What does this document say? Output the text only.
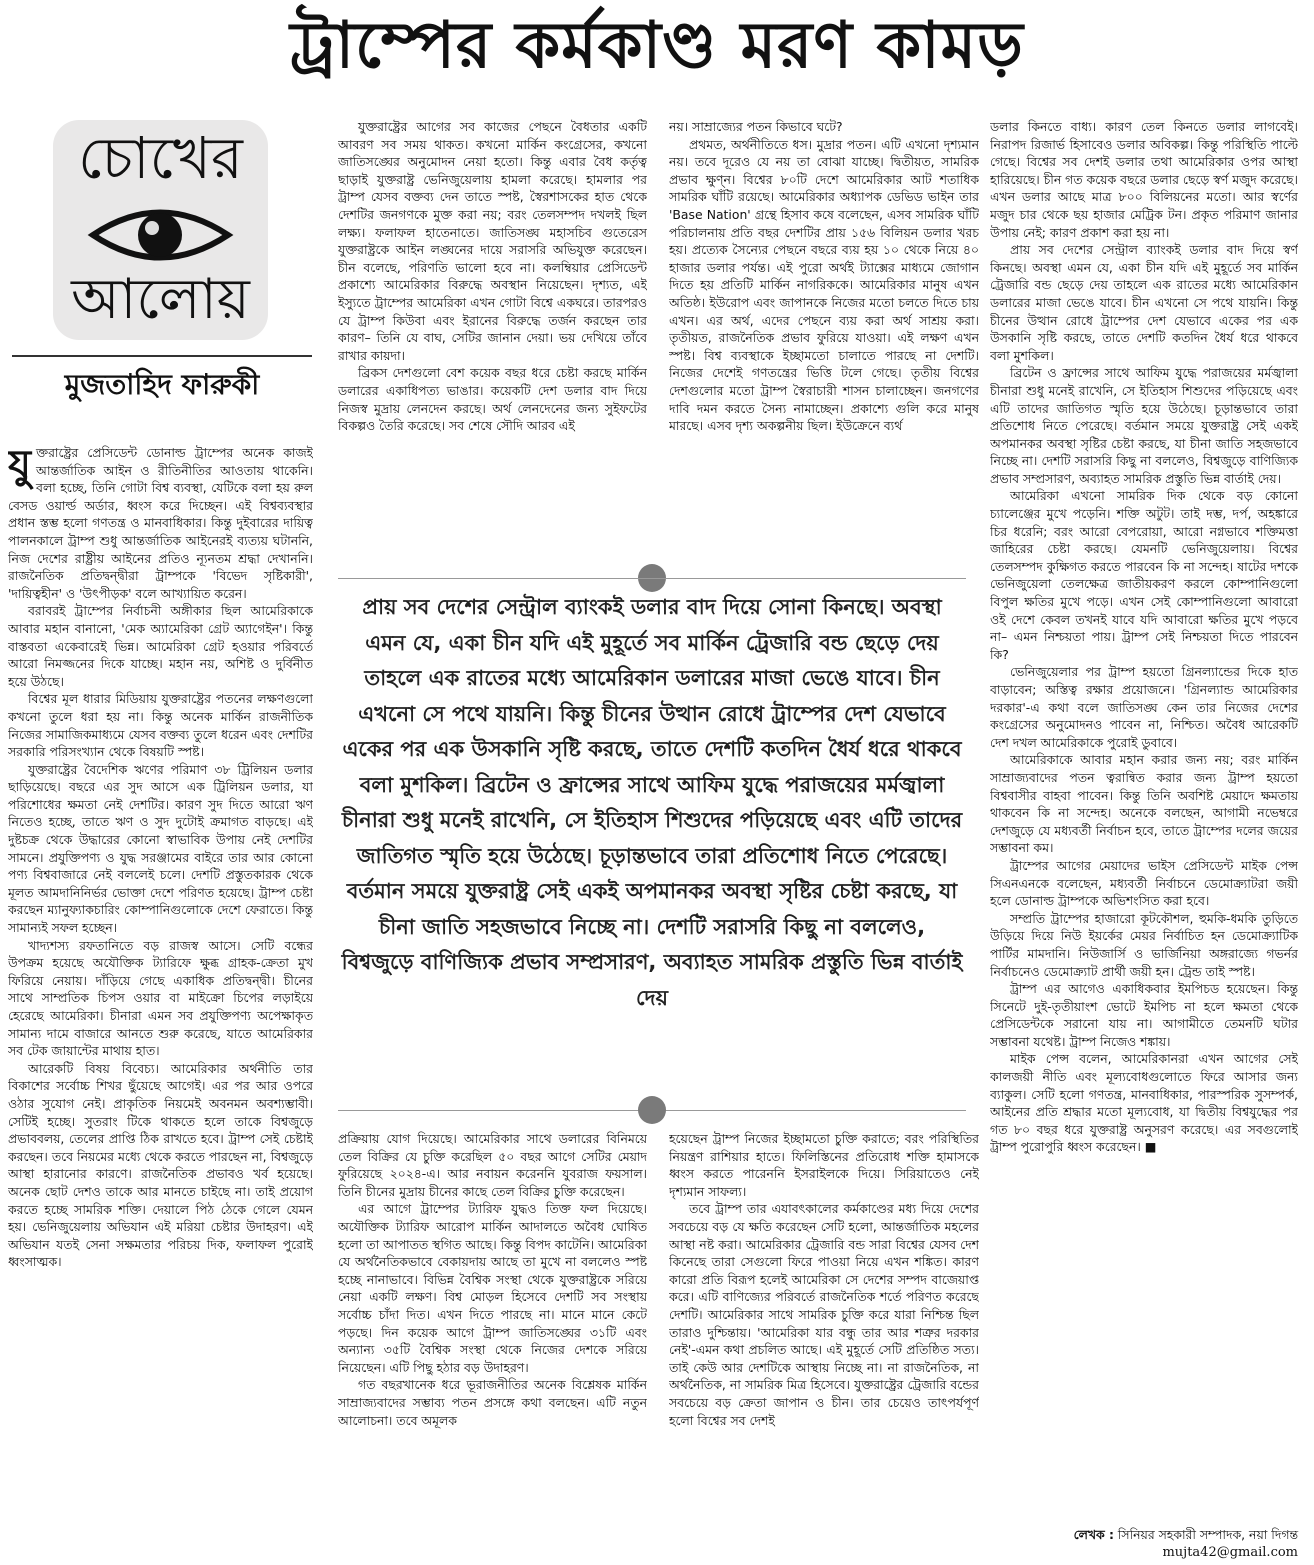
ট্রাম্পের কর্মকাণ্ড মরণ কামড়
চোখের
আলোয়
মুজতাহিদ ফারুকী

যুক্তরাষ্ট্রের প্রেসিডেন্ট ডোনাল্ড ট্রাম্পের অনেক কাজই আন্তর্জাতিক আইন ও রীতিনীতির আওতায় থাকেনি। বলা হচ্ছে, তিনি গোটা বিশ্ব ব্যবস্থা, যেটিকে বলা হয় রুল বেসড ওয়ার্ল্ড অর্ডার, ধ্বংস করে দিচ্ছেন। এই বিশ্বব্যবস্থার প্রধান স্তম্ভ হলো গণতন্ত্র ও মানবাধিকার। কিন্তু দুইবারের দায়িত্ব পালনকালে ট্রাম্প শুধু আন্তর্জাতিক আইনেরই ব্যত্যয় ঘটাননি, নিজ দেশের রাষ্ট্রীয় আইনের প্রতিও ন্যূনতম শ্রদ্ধা দেখাননি। রাজনৈতিক প্রতিদ্বন্দ্বীরা ট্রাম্পকে 'বিভেদ সৃষ্টিকারী', 'দায়িত্বহীন' ও 'উৎপীড়ক' বলে আখ্যায়িত করেন।

বরাবরই ট্রাম্পের নির্বাচনী অঙ্গীকার ছিল আমেরিকাকে আবার মহান বানানো, 'মেক অ্যামেরিকা গ্রেট অ্যাগেইন'। কিন্তু বাস্তবতা একেবারেই ভিন্ন। আমেরিকা গ্রেট হওয়ার পরিবর্তে আরো নিমজ্জনের দিকে যাচ্ছে। মহান নয়, অশিষ্ট ও দুর্বিনীত হয়ে উঠছে।

বিশ্বের মূল ধারার মিডিয়ায় যুক্তরাষ্ট্রের পতনের লক্ষণগুলো কখনো তুলে ধরা হয় না। কিন্তু অনেক মার্কিন রাজনীতিক নিজের সামাজিকমাধ্যমে যেসব বক্তব্য তুলে ধরেন এবং দেশটির সরকারি পরিসংখ্যান থেকে বিষয়টি স্পষ্ট।

যুক্তরাষ্ট্রের বৈদেশিক ঋণের পরিমাণ ৩৮ ট্রিলিয়ন ডলার ছাড়িয়েছে। বছরে এর সুদ আসে এক ট্রিলিয়ন ডলার, যা পরিশোধের ক্ষমতা নেই দেশটির। কারণ সুদ দিতে আরো ঋণ নিতেও হচ্ছে, তাতে ঋণ ও সুদ দুটোই ক্রমাগত বাড়ছে। এই দুষ্টচক্র থেকে উদ্ধারের কোনো স্বাভাবিক উপায় নেই দেশটির সামনে। প্রযুক্তিপণ্য ও যুদ্ধ সরঞ্জামের বাইরে তার আর কোনো পণ্য বিশ্ববাজারে নেই বললেই চলে। দেশটি প্রস্তুতকারক থেকে মূলত আমদানিনির্ভর ভোক্তা দেশে পরিণত হয়েছে। ট্রাম্প চেষ্টা করছেন ম্যানুফ্যাকচারিং কোম্পানিগুলোকে দেশে ফেরাতে। কিন্তু সামান্যই সফল হচ্ছেন।

খাদ্যশস্য রফতানিতে বড় রাজস্ব আসে। সেটি বন্ধের উপক্রম হয়েছে অযৌক্তিক ট্যারিফে ক্ষুব্ধ গ্রাহক-ক্রেতা মুখ ফিরিয়ে নেয়ায়। দাঁড়িয়ে গেছে একাধিক প্রতিদ্বন্দ্বী। চীনের সাথে সাম্প্রতিক চিপস ওয়ার বা মাইক্রো চিপের লড়াইয়ে হেরেছে আমেরিকা। চীনারা এমন সব প্রযুক্তিপণ্য অপেক্ষাকৃত সামান্য দামে বাজারে আনতে শুরু করেছে, যাতে আমেরিকার সব টেক জায়ান্টের মাথায় হাত।

আরেকটি বিষয় বিবেচ্য। আমেরিকার অর্থনীতি তার বিকাশের সর্বোচ্চ শিখর ছুঁয়েছে আগেই। এর পর আর ওপরে ওঠার সুযোগ নেই। প্রাকৃতিক নিয়মেই অবনমন অবশ্যম্ভাবী। সেটিই হচ্ছে। সুতরাং টিকে থাকতে হলে তাকে বিশ্বজুড়ে প্রভাববলয়, তেলের প্রাপ্তি ঠিক রাখতে হবে। ট্রাম্প সেই চেষ্টাই করছেন। তবে নিয়মের মধ্যে থেকে করতে পারছেন না, বিশ্বজুড়ে আস্থা হারানোর কারণে। রাজনৈতিক প্রভাবও খর্ব হয়েছে। অনেক ছোট দেশও তাকে আর মানতে চাইছে না। তাই প্রয়োগ করতে হচ্ছে সামরিক শক্তি। দেয়ালে পিঠ ঠেকে গেলে যেমন হয়। ভেনিজুয়েলায় অভিযান এই মরিয়া চেষ্টার উদাহরণ। এই অভিযান যতই সেনা সক্ষমতার পরিচয় দিক, ফলাফল পুরোই ধ্বংসাত্মক।

যুক্তরাষ্ট্রের আগের সব কাজের পেছনে বৈধতার একটি আবরণ সব সময় থাকত। কখনো মার্কিন কংগ্রেসের, কখনো জাতিসঙ্ঘের অনুমোদন নেয়া হতো। কিন্তু এবার বৈধ কর্তৃত্ব ছাড়াই যুক্তরাষ্ট্র ভেনিজুয়েলায় হামলা করেছে। হামলার পর ট্রাম্প যেসব বক্তব্য দেন তাতে স্পষ্ট, স্বৈরশাসকের হাত থেকে দেশটির জনগণকে মুক্ত করা নয়; বরং তেলসম্পদ দখলই ছিল লক্ষ্য। ফলাফল হাতেনাতে। জাতিসঙ্ঘ মহাসচিব গুতেরেস যুক্তরাষ্ট্রকে আইন লঙ্ঘনের দায়ে সরাসরি অভিযুক্ত করেছেন। চীন বলেছে, পরিণতি ভালো হবে না। কলম্বিয়ার প্রেসিডেন্ট প্রকাশ্যে আমেরিকার বিরুদ্ধে অবস্থান নিয়েছেন। দৃশ্যত, এই ইস্যুতে ট্রাম্পের আমেরিকা এখন গোটা বিশ্বে একঘরে। তারপরও যে ট্রাম্প কিউবা এবং ইরানের বিরুদ্ধে তর্জন করছেন তার কারণ– তিনি যে বাঘ, সেটির জানান দেয়া। ভয় দেখিয়ে তাঁবে রাখার কায়দা।

ব্রিকস দেশগুলো বেশ কয়েক বছর ধরে চেষ্টা করছে মার্কিন ডলারের একাধিপত্য ভাঙার। কয়েকটি দেশ ডলার বাদ দিয়ে নিজস্ব মুদ্রায় লেনদেন করছে। অর্থ লেনদেনের জন্য সুইফটের বিকল্পও তৈরি করেছে। সব শেষে সৌদি আরব এই

নয়। সাম্রাজ্যের পতন কিভাবে ঘটে?

প্রথমত, অর্থনীতিতে ধস। মুদ্রার পতন। এটি এখনো দৃশ্যমান নয়। তবে দূরেও যে নয় তা বোঝা যাচ্ছে। দ্বিতীয়ত, সামরিক প্রভাব ক্ষুণ্ন। বিশ্বের ৮০টি দেশে আমেরিকার আট শতাধিক সামরিক ঘাঁটি রয়েছে। আমেরিকার অধ্যাপক ডেভিড ভাইন তার 'Base Nation' গ্রন্থে হিসাব কষে বলেছেন, এসব সামরিক ঘাঁটি পরিচালনায় প্রতি বছর দেশটির প্রায় ১৫৬ বিলিয়ন ডলার খরচ হয়। প্রত্যেক সৈন্যের পেছনে বছরে ব্যয় হয় ১০ থেকে নিয়ে ৪০ হাজার ডলার পর্যন্ত। এই পুরো অর্থই ট্যাক্সের মাধ্যমে জোগান দিতে হয় প্রতিটি মার্কিন নাগরিককে। আমেরিকার মানুষ এখন অতিষ্ঠ। ইউরোপ এবং জাপানকে নিজের মতো চলতে দিতে চায় এখন। এর অর্থ, এদের পেছনে ব্যয় করা অর্থ সাশ্রয় করা। তৃতীয়ত, রাজনৈতিক প্রভাব ফুরিয়ে যাওয়া। এই লক্ষণ এখন স্পষ্ট। বিশ্ব ব্যবস্থাকে ইচ্ছামতো চালাতে পারছে না দেশটি। নিজের দেশেই গণতন্ত্রের ভিত্তি টলে গেছে। তৃতীয় বিশ্বের দেশগুলোর মতো ট্রাম্প স্বৈরাচারী শাসন চালাচ্ছেন। জনগণের দাবি দমন করতে সৈন্য নামাচ্ছেন। প্রকাশ্যে গুলি করে মানুষ মারছে। এসব দৃশ্য অকল্পনীয় ছিল। ইউক্রেনে ব্যর্থ

প্রায় সব দেশের সেন্ট্রাল ব্যাংকই ডলার বাদ দিয়ে সোনা কিনছে। অবস্থা এমন যে, একা চীন যদি এই মুহূর্তে সব মার্কিন ট্রেজারি বন্ড ছেড়ে দেয় তাহলে এক রাতের মধ্যে আমেরিকান ডলারের মাজা ভেঙে যাবে। চীন এখনো সে পথে যায়নি। কিন্তু চীনের উত্থান রোধে ট্রাম্পের দেশ যেভাবে একের পর এক উসকানি সৃষ্টি করছে, তাতে দেশটি কতদিন ধৈর্য ধরে থাকবে বলা মুশকিল। ব্রিটেন ও ফ্রান্সের সাথে আফিম যুদ্ধে পরাজয়ের মর্মজ্বালা চীনারা শুধু মনেই রাখেনি, সে ইতিহাস শিশুদের পড়িয়েছে এবং এটি তাদের জাতিগত স্মৃতি হয়ে উঠেছে। চূড়ান্তভাবে তারা প্রতিশোধ নিতে পেরেছে। বর্তমান সময়ে যুক্তরাষ্ট্র সেই একই অপমানকর অবস্থা সৃষ্টির চেষ্টা করছে, যা চীনা জাতি সহজভাবে নিচ্ছে না। দেশটি সরাসরি কিছু না বললেও, বিশ্বজুড়ে বাণিজ্যিক প্রভাব সম্প্রসারণ, অব্যাহত সামরিক প্রস্তুতি ভিন্ন বার্তাই দেয়

প্রক্রিয়ায় যোগ দিয়েছে। আমেরিকার সাথে ডলারের বিনিময়ে তেল বিক্রির যে চুক্তি করেছিল ৫০ বছর আগে সেটির মেয়াদ ফুরিয়েছে ২০২৪-এ। আর নবায়ন করেননি যুবরাজ ফয়সাল। তিনি চীনের মুদ্রায় চীনের কাছে তেল বিক্রির চুক্তি করেছেন।

এর আগে ট্রাম্পের ট্যারিফ যুদ্ধও তিক্ত ফল দিয়েছে। অযৌক্তিক ট্যারিফ আরোপ মার্কিন আদালতে অবৈধ ঘোষিত হলো তা আপাতত স্থগিত আছে। কিন্তু বিপদ কাটেনি। আমেরিকা যে অর্থনৈতিকভাবে বেকায়দায় আছে তা মুখে না বললেও স্পষ্ট হচ্ছে নানাভাবে। বিভিন্ন বৈশ্বিক সংস্থা থেকে যুক্তরাষ্ট্রকে সরিয়ে নেয়া একটি লক্ষণ। বিশ্ব মোড়ল হিসেবে দেশটি সব সংস্থায় সর্বোচ্চ চাঁদা দিত। এখন দিতে পারছে না। মানে মানে কেটে পড়ছে। দিন কয়েক আগে ট্রাম্প জাতিসঙ্ঘের ৩১টি এবং অন্যান্য ৩৫টি বৈশ্বিক সংস্থা থেকে নিজের দেশকে সরিয়ে নিয়েছেন। এটি পিছু হঠার বড় উদাহরণ।

গত বছরখানেক ধরে ভূরাজনীতির অনেক বিশ্লেষক মার্কিন সাম্রাজ্যবাদের সম্ভাব্য পতন প্রসঙ্গে কথা বলছেন। এটি নতুন আলোচনা। তবে অমূলক

হয়েছেন ট্রাম্প নিজের ইচ্ছামতো চুক্তি করাতে; বরং পরিস্থিতির নিয়ন্ত্রণ রাশিয়ার হাতে। ফিলিস্তিনের প্রতিরোধ শক্তি হামাসকে ধ্বংস করতে পারেননি ইসরাইলকে দিয়ে। সিরিয়াতেও নেই দৃশ্যমান সাফল্য।

তবে ট্রাম্প তার এযাবৎকালের কর্মকাণ্ডের মধ্য দিয়ে দেশের সবচেয়ে বড় যে ক্ষতি করেছেন সেটি হলো, আন্তর্জাতিক মহলের আস্থা নষ্ট করা। আমেরিকার ট্রেজারি বন্ড সারা বিশ্বের যেসব দেশ কিনেছে তারা সেগুলো ফিরে পাওয়া নিয়ে এখন শঙ্কিত। কারণ কারো প্রতি বিরূপ হলেই আমেরিকা সে দেশের সম্পদ বাজেয়াপ্ত করে। এটি বাণিজ্যের পরিবর্তে রাজনৈতিক শর্তে পরিণত করেছে দেশটি। আমেরিকার সাথে সামরিক চুক্তি করে যারা নিশ্চিন্ত ছিল তারাও দুশ্চিন্তায়। 'আমেরিকা যার বন্ধু তার আর শত্রুর দরকার নেই'-এমন কথা প্রচলিত আছে। এই মুহূর্তে সেটি প্রতিষ্ঠিত সত্য। তাই কেউ আর দেশটিকে আস্থায় নিচ্ছে না। না রাজনৈতিক, না অর্থনৈতিক, না সামরিক মিত্র হিসেবে। যুক্তরাষ্ট্রের ট্রেজারি বন্ডের সবচেয়ে বড় ক্রেতা জাপান ও চীন। তার চেয়েও তাৎপর্যপূর্ণ হলো বিশ্বের সব দেশই

ডলার কিনতে বাধ্য। কারণ তেল কিনতে ডলার লাগবেই। নিরাপদ রিজার্ভ হিসাবেও ডলার অবিকল্প। কিন্তু পরিস্থিতি পাল্টে গেছে। বিশ্বের সব দেশই ডলার তথা আমেরিকার ওপর আস্থা হারিয়েছে। চীন গত কয়েক বছরে ডলার ছেড়ে স্বর্ণ মজুদ করেছে। এখন ডলার আছে মাত্র ৮০০ বিলিয়নের মতো। আর স্বর্ণের মজুদ চার থেকে ছয় হাজার মেট্রিক টন। প্রকৃত পরিমাণ জানার উপায় নেই; কারণ প্রকাশ করা হয় না।

প্রায় সব দেশের সেন্ট্রাল ব্যাংকই ডলার বাদ দিয়ে স্বর্ণ কিনছে। অবস্থা এমন যে, একা চীন যদি এই মুহূর্তে সব মার্কিন ট্রেজারি বন্ড ছেড়ে দেয় তাহলে এক রাতের মধ্যে আমেরিকান ডলারের মাজা ভেঙে যাবে। চীন এখনো সে পথে যায়নি। কিন্তু চীনের উত্থান রোধে ট্রাম্পের দেশ যেভাবে একের পর এক উসকানি সৃষ্টি করছে, তাতে দেশটি কতদিন ধৈর্য ধরে থাকবে বলা মুশকিল।

ব্রিটেন ও ফ্রান্সের সাথে আফিম যুদ্ধে পরাজয়ের মর্মজ্বালা চীনারা শুধু মনেই রাখেনি, সে ইতিহাস শিশুদের পড়িয়েছে এবং এটি তাদের জাতিগত স্মৃতি হয়ে উঠেছে। চূড়ান্তভাবে তারা প্রতিশোধ নিতে পেরেছে। বর্তমান সময়ে যুক্তরাষ্ট্র সেই একই অপমানকর অবস্থা সৃষ্টির চেষ্টা করছে, যা চীনা জাতি সহজভাবে নিচ্ছে না। দেশটি সরাসরি কিছু না বললেও, বিশ্বজুড়ে বাণিজ্যিক প্রভাব সম্প্রসারণ, অব্যাহত সামরিক প্রস্তুতি ভিন্ন বার্তাই দেয়।

আমেরিকা এখনো সামরিক দিক থেকে বড় কোনো চ্যালেঞ্জের মুখে পড়েনি। শক্তি অটুট। তাই দম্ভ, দর্প, অহঙ্কারে চির ধরেনি; বরং আরো বেপরোয়া, আরো নগ্নভাবে শক্তিমত্তা জাহিরের চেষ্টা করছে। যেমনটি ভেনিজুয়েলায়। বিশ্বের তেলসম্পদ কুক্ষিগত করতে পারবেন কি না সন্দেহ। ষাটের দশকে ভেনিজুয়েলা তেলক্ষেত্র জাতীয়করণ করলে কোম্পানিগুলো বিপুল ক্ষতির মুখে পড়ে। এখন সেই কোম্পানিগুলো আবারো ওই দেশে কেবল তখনই যাবে যদি আবারো ক্ষতির মুখে পড়বে না– এমন নিশ্চয়তা পায়। ট্রাম্প সেই নিশ্চয়তা দিতে পারবেন কি?

ভেনিজুয়েলার পর ট্রাম্প হয়তো গ্রিনল্যান্ডের দিকে হাত বাড়াবেন; অস্তিত্ব রক্ষার প্রয়োজনে। 'গ্রিনল্যান্ড আমেরিকার দরকার'-এ কথা বলে জাতিসঙ্ঘ কেন তার নিজের দেশের কংগ্রেসের অনুমোদনও পাবেন না, নিশ্চিত। অবৈধ আরেকটি দেশ দখল আমেরিকাকে পুরোই ডুবাবে।

আমেরিকাকে আবার মহান করার জন্য নয়; বরং মার্কিন সাম্রাজ্যবাদের পতন ত্বরান্বিত করার জন্য ট্রাম্প হয়তো বিশ্ববাসীর বাহবা পাবেন। কিন্তু তিনি অবশিষ্ট মেয়াদে ক্ষমতায় থাকবেন কি না সন্দেহ। অনেকে বলছেন, আগামী নভেম্বরে দেশজুড়ে যে মধ্যবর্তী নির্বাচন হবে, তাতে ট্রাম্পের দলের জয়ের সম্ভাবনা কম।

ট্রাম্পের আগের মেয়াদের ভাইস প্রেসিডেন্ট মাইক পেন্স সিএনএনকে বলেছেন, মধ্যবর্তী নির্বাচনে ডেমোক্র্যাটরা জয়ী হলে ডোনাল্ড ট্রাম্পকে অভিশংসিত করা হবে।

সম্প্রতি ট্রাম্পের হাজারো কূটকৌশল, হুমকি-ধমকি তুড়িতে উড়িয়ে দিয়ে নিউ ইয়র্কের মেয়র নির্বাচিত হন ডেমোক্র্যাটিক পার্টির মামদানি। নিউজার্সি ও ভার্জিনিয়া অঙ্গরাজ্যে গভর্নর নির্বাচনেও ডেমোক্র্যাট প্রার্থী জয়ী হন। ট্রেন্ড তাই স্পষ্ট।

ট্রাম্প এর আগেও একাধিকবার ইমপিচড হয়েছেন। কিন্তু সিনেটে দুই-তৃতীয়াংশ ভোটে ইমপিচ না হলে ক্ষমতা থেকে প্রেসিডেন্টকে সরানো যায় না। আগামীতে তেমনটি ঘটার সম্ভাবনা যথেষ্ট। ট্রাম্প নিজেও শঙ্কায়।

মাইক পেন্স বলেন, আমেরিকানরা এখন আগের সেই কালজয়ী নীতি এবং মূল্যবোধগুলোতে ফিরে আসার জন্য ব্যাকুল। সেটি হলো গণতন্ত্র, মানবাধিকার, পারস্পরিক সুসম্পর্ক, আইনের প্রতি শ্রদ্ধার মতো মূল্যবোধ, যা দ্বিতীয় বিশ্বযুদ্ধের পর গত ৮০ বছর ধরে যুক্তরাষ্ট্র অনুসরণ করেছে। এর সবগুলোই ট্রাম্প পুরোপুরি ধ্বংস করেছেন। ■

লেখক : সিনিয়র সহকারী সম্পাদক, নয়া দিগন্ত
mujta42@gmail.com
